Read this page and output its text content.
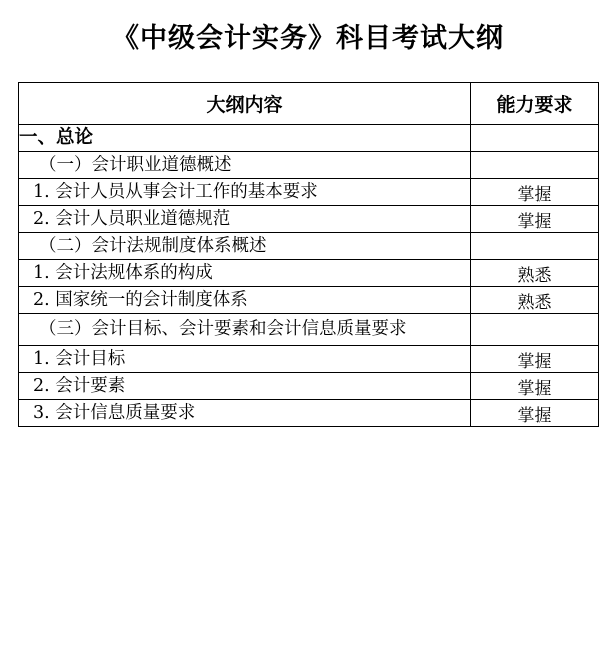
《中级会计实务》科目考试大纲
大纲内容	能力要求
一、总论	
（一）会计职业道德概述	
1. 会计人员从事会计工作的基本要求	掌握
2. 会计人员职业道德规范	掌握
（二）会计法规制度体系概述	
1. 会计法规体系的构成	熟悉
2. 国家统一的会计制度体系	熟悉
（三）会计目标、会计要素和会计信息质量要求	
1. 会计目标	掌握
2. 会计要素	掌握
3. 会计信息质量要求	掌握
